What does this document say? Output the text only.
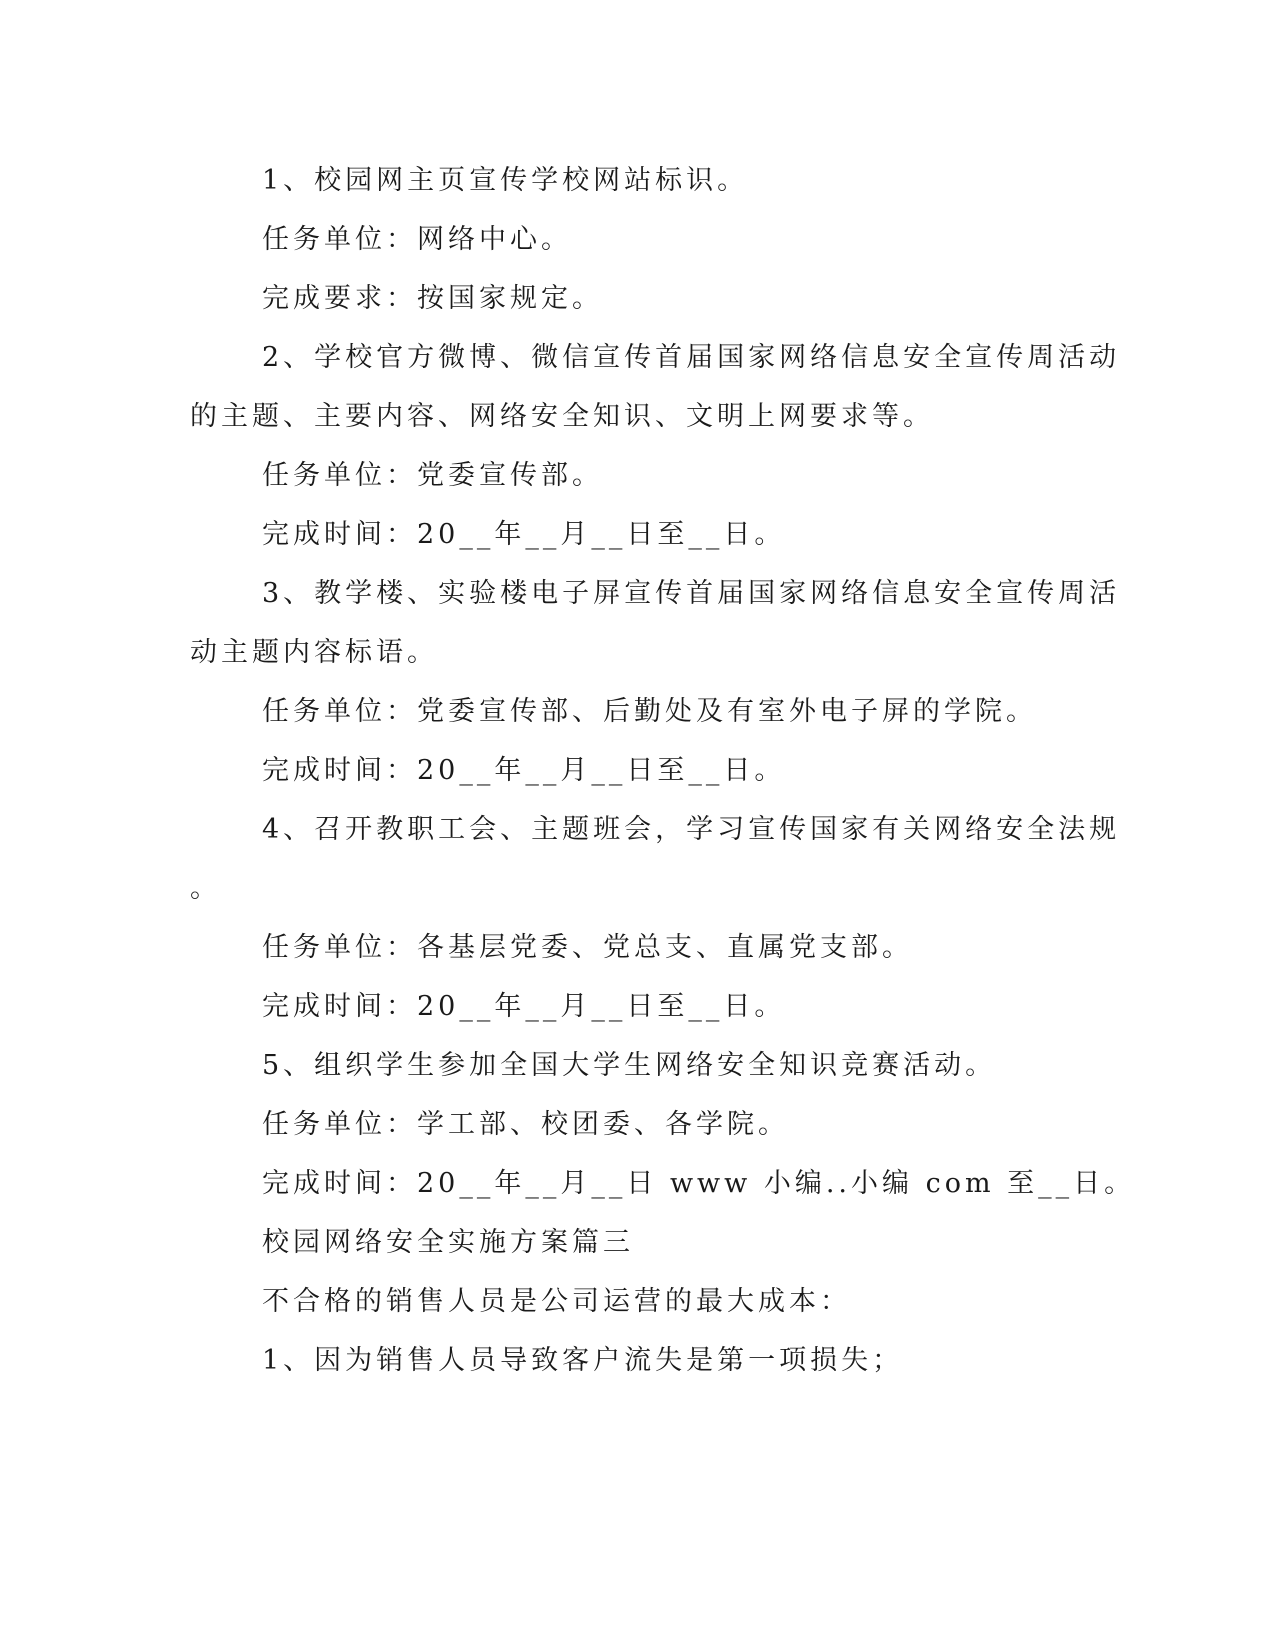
1、校园网主页宣传学校网站标识。
任务单位：网络中心。
完成要求：按国家规定。
2、学校官方微博、微信宣传首届国家网络信息安全宣传周活动
的主题、主要内容、网络安全知识、文明上网要求等。
任务单位：党委宣传部。
完成时间：20__年__月__日至__日。
3、教学楼、实验楼电子屏宣传首届国家网络信息安全宣传周活
动主题内容标语。
任务单位：党委宣传部、后勤处及有室外电子屏的学院。
完成时间：20__年__月__日至__日。
4、召开教职工会、主题班会，学习宣传国家有关网络安全法规
。
任务单位：各基层党委、党总支、直属党支部。
完成时间：20__年__月__日至__日。
5、组织学生参加全国大学生网络安全知识竞赛活动。
任务单位：学工部、校团委、各学院。
完成时间：20__年__月__日 www 小编..小编 com 至__日。
校园网络安全实施方案篇三
不合格的销售人员是公司运营的最大成本：
1、因为销售人员导致客户流失是第一项损失；
